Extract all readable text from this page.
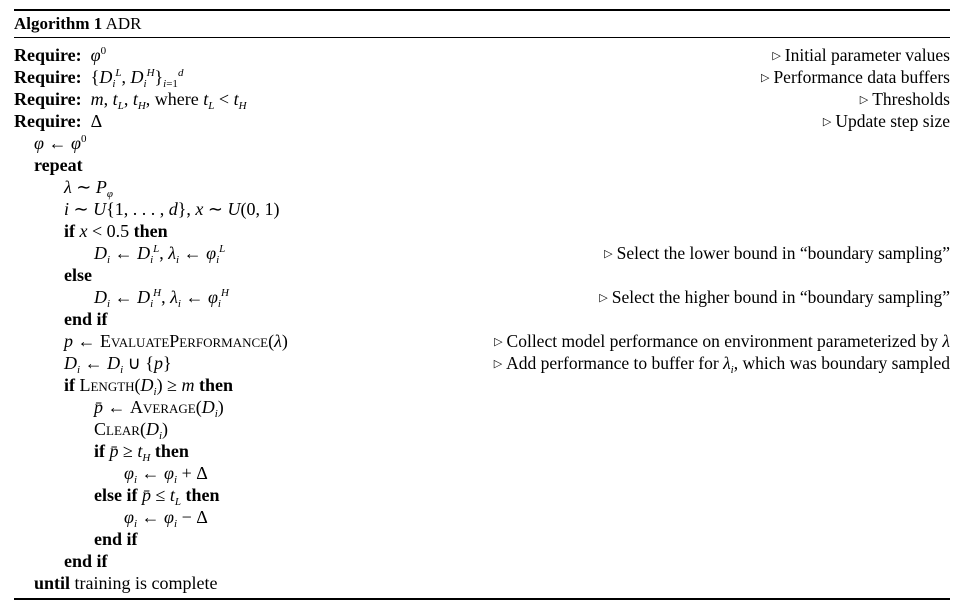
Algorithm 1 ADR
Require: $\varphi^0$	▷ Initial parameter values
Require:  {$D_i^L$, $D_i^H\}_{i=1}^d$	▷ Performance data buffers
Require: m, $t_L$, $t_H$, where $t_L < t_H$	▷ Thresholds
Require:  Δ	▷ Update step size
φ ← $\varphi^0$
repeat
λ ∼ $P_\varphi$
i ∼ U{1, . . . , d}, x ∼ U(0, 1)
if x < 0.5 then
$D_i$ ← $D_i^L$, $\lambda_i$ ← $\varphi_i^L$	▷ Select the lower bound in “boundary sampling”
else
$D_i$ ← $D_i^H$, $\lambda_i$ ← $\varphi_i^H$	▷ Select the higher bound in “boundary sampling”
end if
p ← EvaluatePerformance(λ)	▷ Collect model performance on environment parameterized by λ
$D_i$ ← $D_i$ ∪ {p}	▷ Add performance to buffer for $\lambda_i$, which was boundary sampled
if $Length(D_i) \ge m$ then
p̄ ← $Average(D_i)$
$Clear(D_i)$
if p̄ ≥ $t_H$ then
$\varphi_i$ ← $\varphi_i + \Delta$
else if p̄ ≤ $t_L$ then
$\varphi_i$ ← $\varphi_i - \Delta$
end if
end if
until training is complete
